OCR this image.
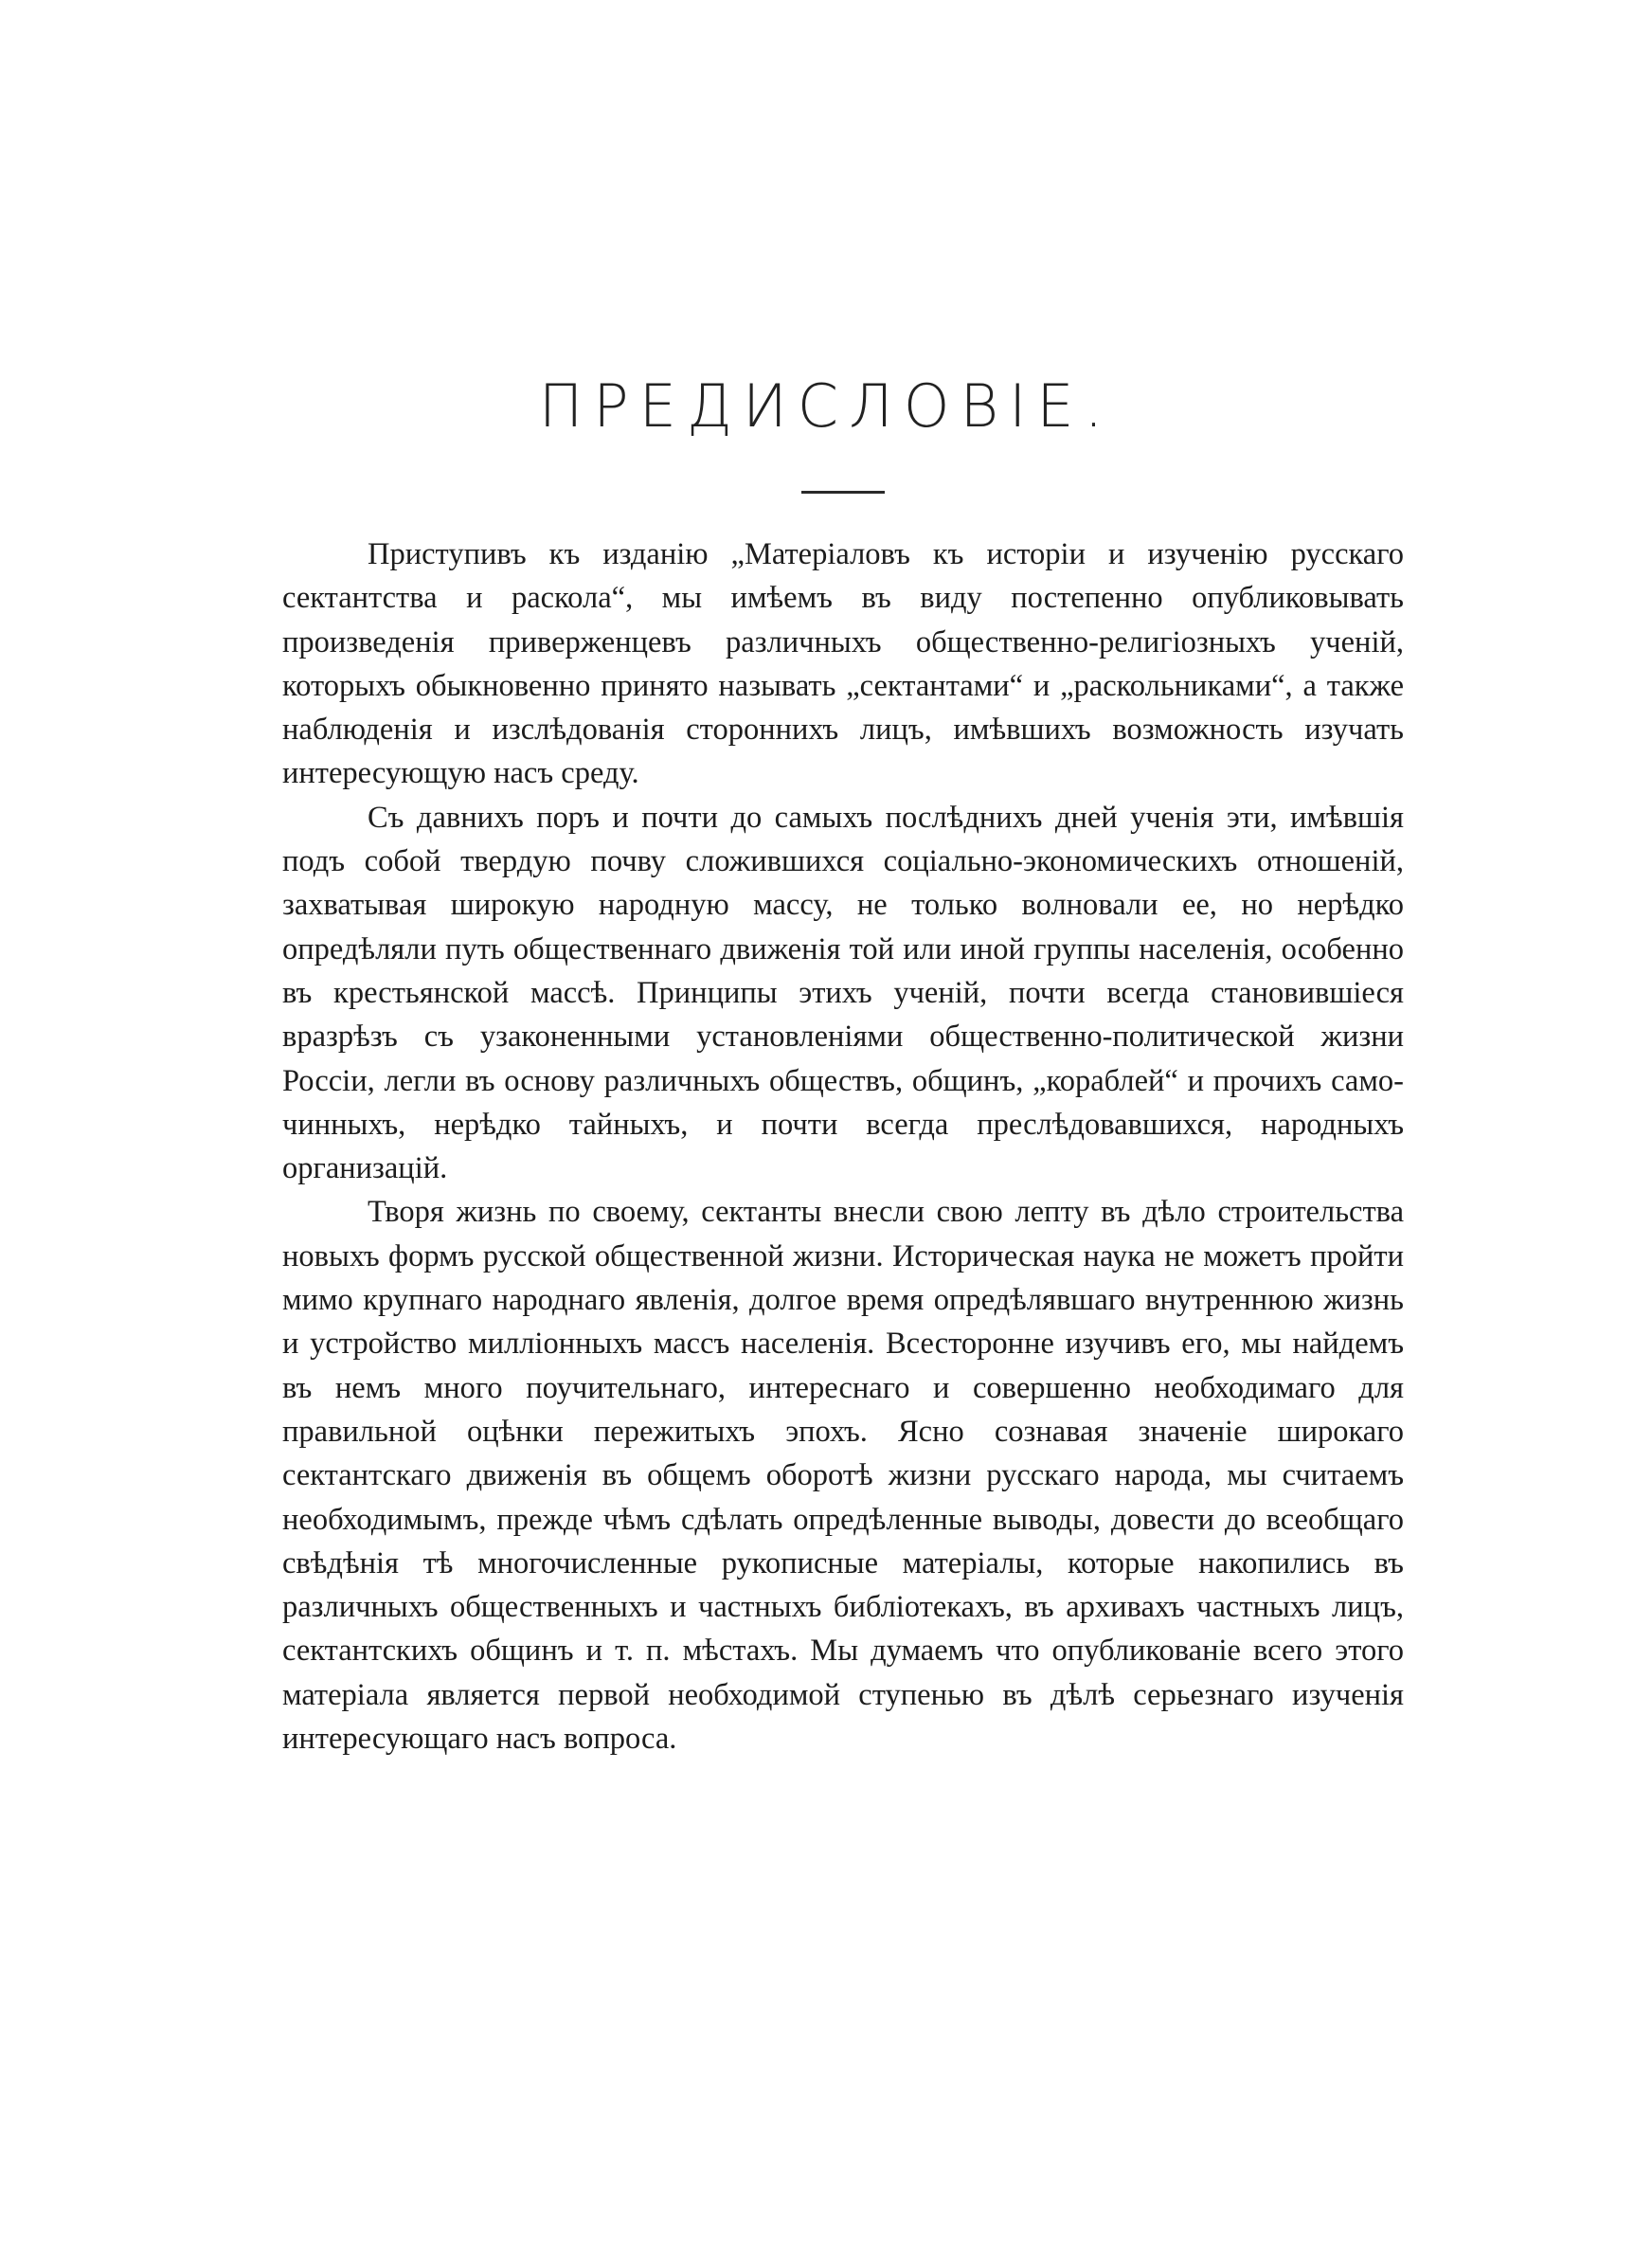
ПРЕДИСЛОВІЕ.

Приступивъ къ изданію „Матеріаловъ къ исторіи и изученію русскаго сектантства и раскола“, мы имѣемъ въ виду постепенно опубликовывать произведенія приверженцевъ различныхъ общественно-религіозныхъ ученій, которыхъ обыкновенно принято называть „сектантами“ и „раскольниками“, а также наблюденія и изслѣдованія стороннихъ лицъ, имѣвшихъ возможность изучать интересующую насъ среду.

Съ давнихъ поръ и почти до самыхъ послѣднихъ дней ученія эти, имѣвшія подъ собой твердую почву сложившихся соціально-экономическихъ отношеній, захватывая широкую народную массу, не только волновали ее, но нерѣдко опредѣляли путь общественнаго движенія той или иной группы населенія, особенно въ крестьянской массѣ. Принципы этихъ ученій, почти всегда становившіеся вразрѣзъ съ узаконенными установленіями общественно-политической жизни Россіи, легли въ основу различныхъ обществъ, общинъ, „кораблей“ и прочихъ самочинныхъ, нерѣдко тайныхъ, и почти всегда преслѣдовавшихся, народныхъ организацій.

Творя жизнь по своему, сектанты внесли свою лепту въ дѣло строительства новыхъ формъ русской общественной жизни. Историческая наука не можетъ пройти мимо крупнаго народнаго явленія, долгое время опредѣлявшаго внутреннюю жизнь и устройство милліонныхъ массъ населенія. Всесторонне изучивъ его, мы найдемъ въ немъ много поучительнаго, интереснаго и совершенно необходимаго для правильной оцѣнки пережитыхъ эпохъ. Ясно сознавая значеніе широкаго сектантскаго движенія въ общемъ оборотѣ жизни русскаго народа, мы считаемъ необходимымъ, прежде чѣмъ сдѣлать опредѣленные выводы, довести до всеобщаго свѣдѣнія тѣ многочисленные рукописные матеріалы, которые накопились въ различныхъ общественныхъ и частныхъ библіотекахъ, въ архивахъ частныхъ лицъ, сектантскихъ общинъ и т. п. мѣстахъ. Мы думаемъ что опубликованіе всего этого матеріала является первой необходимой ступенью въ дѣлѣ серьезнаго изученія интересующаго насъ вопроса.
